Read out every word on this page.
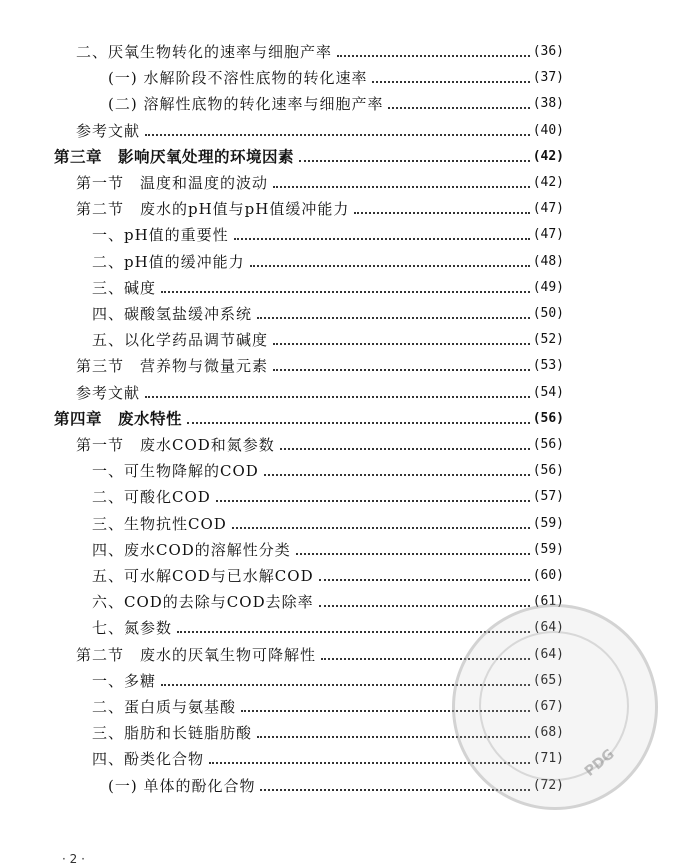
二、厌氧生物转化的速率与细胞产率	(36)
(一) 水解阶段不溶性底物的转化速率	(37)
(二) 溶解性底物的转化速率与细胞产率	(38)
参考文献	(40)
第三章　影响厌氧处理的环境因素	(42)
第一节　温度和温度的波动	(42)
第二节　废水的pH值与pH值缓冲能力	(47)
一、pH值的重要性	(47)
二、pH值的缓冲能力	(48)
三、碱度	(49)
四、碳酸氢盐缓冲系统	(50)
五、以化学药品调节碱度	(52)
第三节　营养物与微量元素	(53)
参考文献	(54)
第四章　废水特性	(56)
第一节　废水COD和氮参数	(56)
一、可生物降解的COD	(56)
二、可酸化COD	(57)
三、生物抗性COD	(59)
四、废水COD的溶解性分类	(59)
五、可水解COD与已水解COD	(60)
六、COD的去除与COD去除率	(61)
七、氮参数	(64)
第二节　废水的厌氧生物可降解性	(64)
一、多糖	(65)
二、蛋白质与氨基酸	(67)
三、脂肪和长链脂肪酸	(68)
四、酚类化合物	(71)
(一) 单体的酚化合物	(72)
PDG
· 2 ·
